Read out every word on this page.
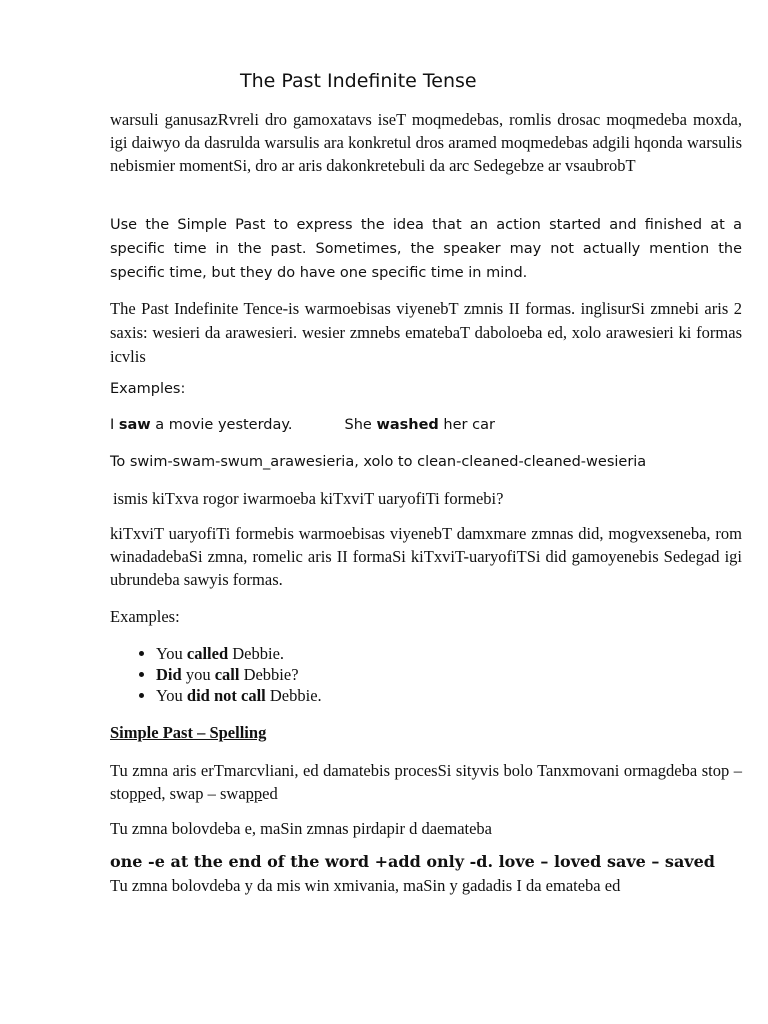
The Past Indefinite Tense

warsuli ganusazRvreli dro gamoxatavs iseT moqmedebas, romlis drosac moqmedeba moxda, igi daiwyo da dasrulda warsulis ara konkretul dros aramed moqmedebas adgili hqonda warsulis nebismier momentSi, dro ar aris dakonkretebuli da arc Sedegebze ar vsaubrobT

Use the Simple Past to express the idea that an action started and finished at a specific time in the past. Sometimes, the speaker may not actually mention the specific time, but they do have one specific time in mind.

The Past Indefinite Tence-is warmoebisas viyenebT zmnis II formas. inglisurSi zmnebi aris 2 saxis: wesieri da arawesieri. wesier zmnebs ematebaT daboloeba ed, xolo arawesieri ki formas icvlis

Examples:

I saw a movie yesterday.	She washed her car

To swim-swam-swum_arawesieria, xolo to clean-cleaned-cleaned-wesieria

ismis kiTxva rogor iwarmoeba kiTxviT uaryofiTi formebi?

kiTxviT uaryofiTi formebis warmoebisas viyenebT damxmare zmnas did, mogvexseneba, rom winadadebaSi zmna, romelic aris II formaSi kiTxviT-uaryofiTSi did gamoyenebis Sedegad igi ubrundeba sawyis formas.

Examples:

• You called Debbie.
• Did you call Debbie?
• You did not call Debbie.

Simple Past – Spelling

Tu zmna aris erTmarcvliani, ed damatebis procesSi sityvis bolo Tanxmovani ormagdeba stop – stopped, swap – swapped

Tu zmna bolovdeba e, maSin zmnas pirdapir d daemateba

one -e at the end of the word +add only -d. love – loved save – saved

Tu zmna bolovdeba y da mis win xmivania, maSin y gadadis I da emateba ed
